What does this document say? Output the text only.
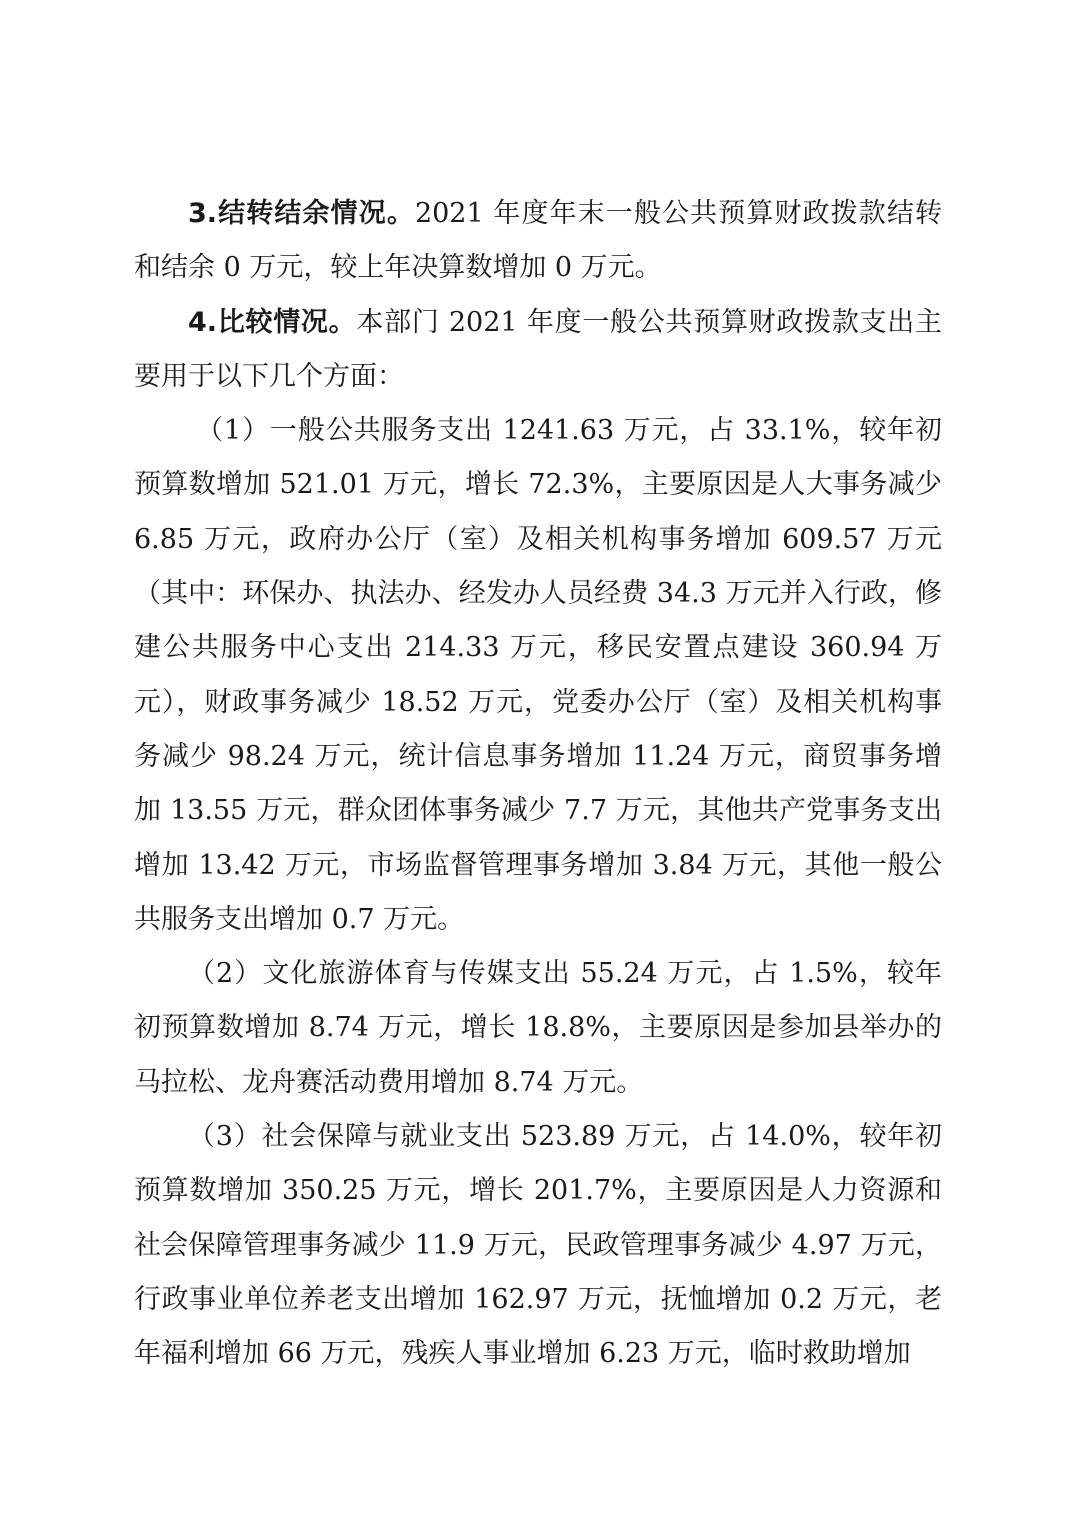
3.结转结余情况。2021 年度年末一般公共预算财政拨款结转和结余 0 万元，较上年决算数增加 0 万元。

4.比较情况。本部门 2021 年度一般公共预算财政拨款支出主要用于以下几个方面：

（1）一般公共服务支出 1241.63 万元，占 33.1%，较年初预算数增加 521.01 万元，增长 72.3%，主要原因是人大事务减少 6.85 万元，政府办公厅（室）及相关机构事务增加 609.57 万元（其中：环保办、执法办、经发办人员经费 34.3 万元并入行政，修建公共服务中心支出 214.33 万元，移民安置点建设 360.94 万元），财政事务减少 18.52 万元，党委办公厅（室）及相关机构事务减少 98.24 万元，统计信息事务增加 11.24 万元，商贸事务增加 13.55 万元，群众团体事务减少 7.7 万元，其他共产党事务支出增加 13.42 万元，市场监督管理事务增加 3.84 万元，其他一般公共服务支出增加 0.7 万元。

（2）文化旅游体育与传媒支出 55.24 万元，占 1.5%，较年初预算数增加 8.74 万元，增长 18.8%，主要原因是参加县举办的马拉松、龙舟赛活动费用增加 8.74 万元。

（3）社会保障与就业支出 523.89 万元，占 14.0%，较年初预算数增加 350.25 万元，增长 201.7%，主要原因是人力资源和社会保障管理事务减少 11.9 万元，民政管理事务减少 4.97 万元，行政事业单位养老支出增加 162.97 万元，抚恤增加 0.2 万元，老年福利增加 66 万元，残疾人事业增加 6.23 万元，临时救助增加
